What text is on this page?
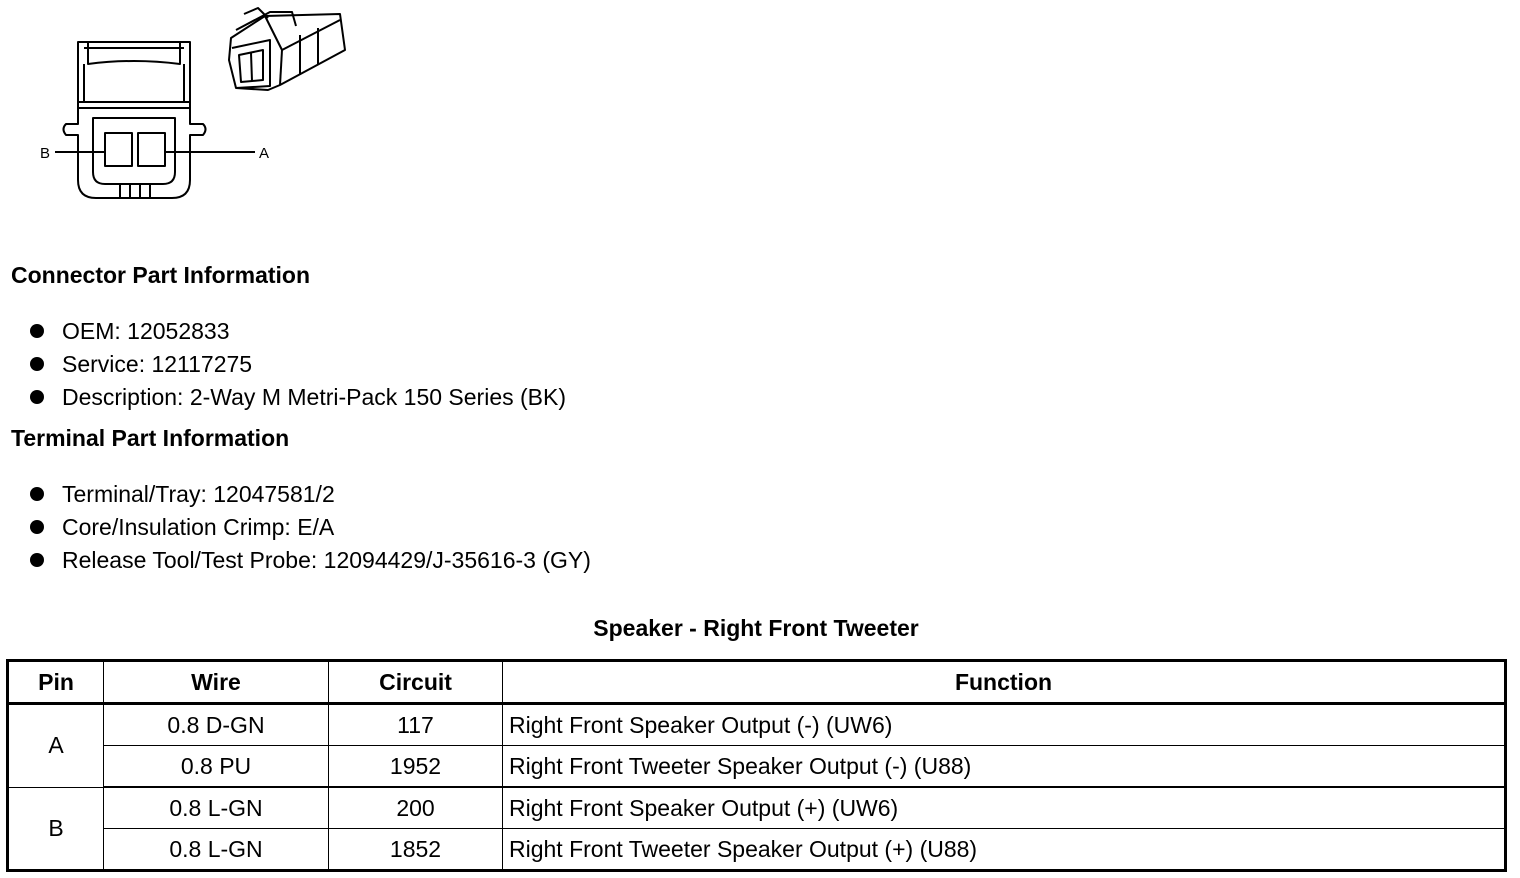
B	A
Connector Part Information
OEM: 12052833
Service: 12117275
Description: 2-Way M Metri-Pack 150 Series (BK)
Terminal Part Information
Terminal/Tray: 12047581/2
Core/Insulation Crimp: E/A
Release Tool/Test Probe: 12094429/J-35616-3 (GY)
Speaker - Right Front Tweeter
Pin	Wire	Circuit	Function
A	0.8 D-GN	117	Right Front Speaker Output (-) (UW6)
	0.8 PU	1952	Right Front Tweeter Speaker Output (-) (U88)
B	0.8 L-GN	200	Right Front Speaker Output (+) (UW6)
	0.8 L-GN	1852	Right Front Tweeter Speaker Output (+) (U88)
